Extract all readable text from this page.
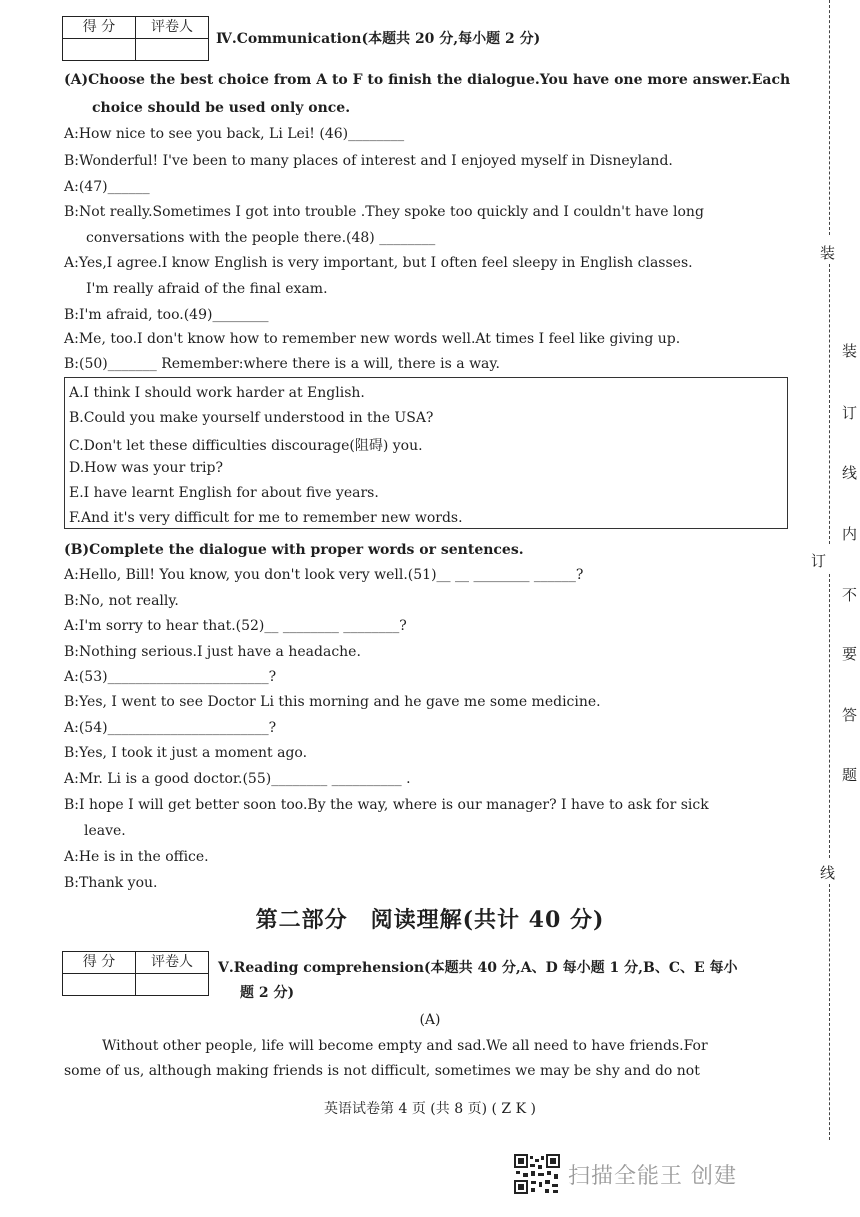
得 分	评卷人

Ⅳ.Communication(本题共 20 分,每小题 2 分)
(A)Choose the best choice from A to F to finish the dialogue.You have one more answer.Each
choice should be used only once.
A:How nice to see you back, Li Lei! (46)________
B:Wonderful! I've been to many places of interest and I enjoyed myself in Disneyland.
A:(47)______
B:Not really.Sometimes I got into trouble .They spoke too quickly and I couldn't have long
conversations with the people there.(48) ________
A:Yes,I agree.I know English is very important, but I often feel sleepy in English classes.
I'm really afraid of the final exam.
B:I'm afraid, too.(49)________
A:Me, too.I don't know how to remember new words well.At times I feel like giving up.
B:(50)_______ Remember:where there is a will, there is a way.
A.I think I should work harder at English.
B.Could you make yourself understood in the USA?
C.Don't let these difficulties discourage(阻碍) you.
D.How was your trip?
E.I have learnt English for about five years.
F.And it's very difficult for me to remember new words.
(B)Complete the dialogue with proper words or sentences.
A:Hello, Bill! You know, you don't look very well.(51)__ __ ________ ______?
B:No, not really.
A:I'm sorry to hear that.(52)__ ________ ________?
B:Nothing serious.I just have a headache.
A:(53)_______________________?
B:Yes, I went to see Doctor Li this morning and he gave me some medicine.
A:(54)_______________________?
B:Yes, I took it just a moment ago.
A:Mr. Li is a good doctor.(55)________ __________ .
B:I hope I will get better soon too.By the way, where is our manager? I have to ask for sick
leave.
A:He is in the office.
B:Thank you.
第二部分　阅读理解(共计 40 分)
得 分	评卷人
	Ⅴ.Reading comprehension(本题共 40 分,A、D 每小题 1 分,B、C、E 每小
题 2 分)
(A)
Without other people, life will become empty and sad.We all need to have friends.For
some of us, although making friends is not difficult, sometimes we may be shy and do not
英语试卷第 4 页 (共 8 页) ( Z K )
装
装
订
线
内
订
不
要
答
题
线
扫描全能王 创建
